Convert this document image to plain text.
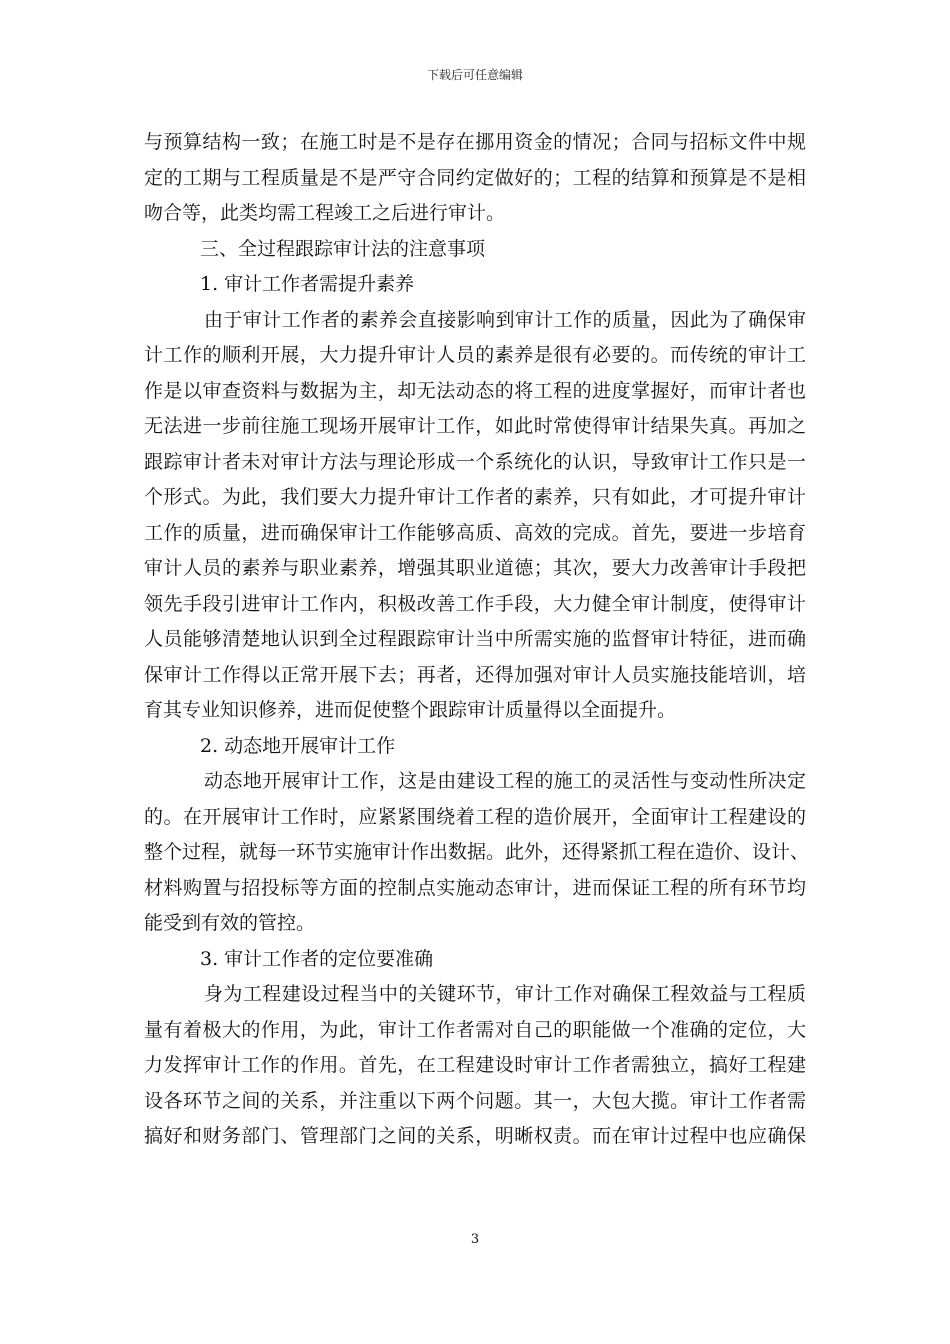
下载后可任意编辑
与预算结构一致；在施工时是不是存在挪用资金的情况；合同与招标文件中规
定的工期与工程质量是不是严守合同约定做好的；工程的结算和预算是不是相
吻合等，此类均需工程竣工之后进行审计。
三、全过程跟踪审计法的注意事项
1. 审计工作者需提升素养
由于审计工作者的素养会直接影响到审计工作的质量，因此为了确保审
计工作的顺利开展，大力提升审计人员的素养是很有必要的。而传统的审计工
作是以审查资料与数据为主，却无法动态的将工程的进度掌握好，而审计者也
无法进一步前往施工现场开展审计工作，如此时常使得审计结果失真。再加之
跟踪审计者未对审计方法与理论形成一个系统化的认识，导致审计工作只是一
个形式。为此，我们要大力提升审计工作者的素养，只有如此，才可提升审计
工作的质量，进而确保审计工作能够高质、高效的完成。首先，要进一步培育
审计人员的素养与职业素养，增强其职业道德；其次，要大力改善审计手段把
领先手段引进审计工作内，积极改善工作手段，大力健全审计制度，使得审计
人员能够清楚地认识到全过程跟踪审计当中所需实施的监督审计特征，进而确
保审计工作得以正常开展下去；再者，还得加强对审计人员实施技能培训，培
育其专业知识修养，进而促使整个跟踪审计质量得以全面提升。
2. 动态地开展审计工作
动态地开展审计工作，这是由建设工程的施工的灵活性与变动性所决定
的。在开展审计工作时，应紧紧围绕着工程的造价展开，全面审计工程建设的
整个过程，就每一环节实施审计作出数据。此外，还得紧抓工程在造价、设计、
材料购置与招投标等方面的控制点实施动态审计，进而保证工程的所有环节均
能受到有效的管控。
3. 审计工作者的定位要准确
身为工程建设过程当中的关键环节，审计工作对确保工程效益与工程质
量有着极大的作用，为此，审计工作者需对自己的职能做一个准确的定位，大
力发挥审计工作的作用。首先，在工程建设时审计工作者需独立，搞好工程建
设各环节之间的关系，并注重以下两个问题。其一，大包大揽。审计工作者需
搞好和财务部门、管理部门之间的关系，明晰权责。而在审计过程中也应确保
3
